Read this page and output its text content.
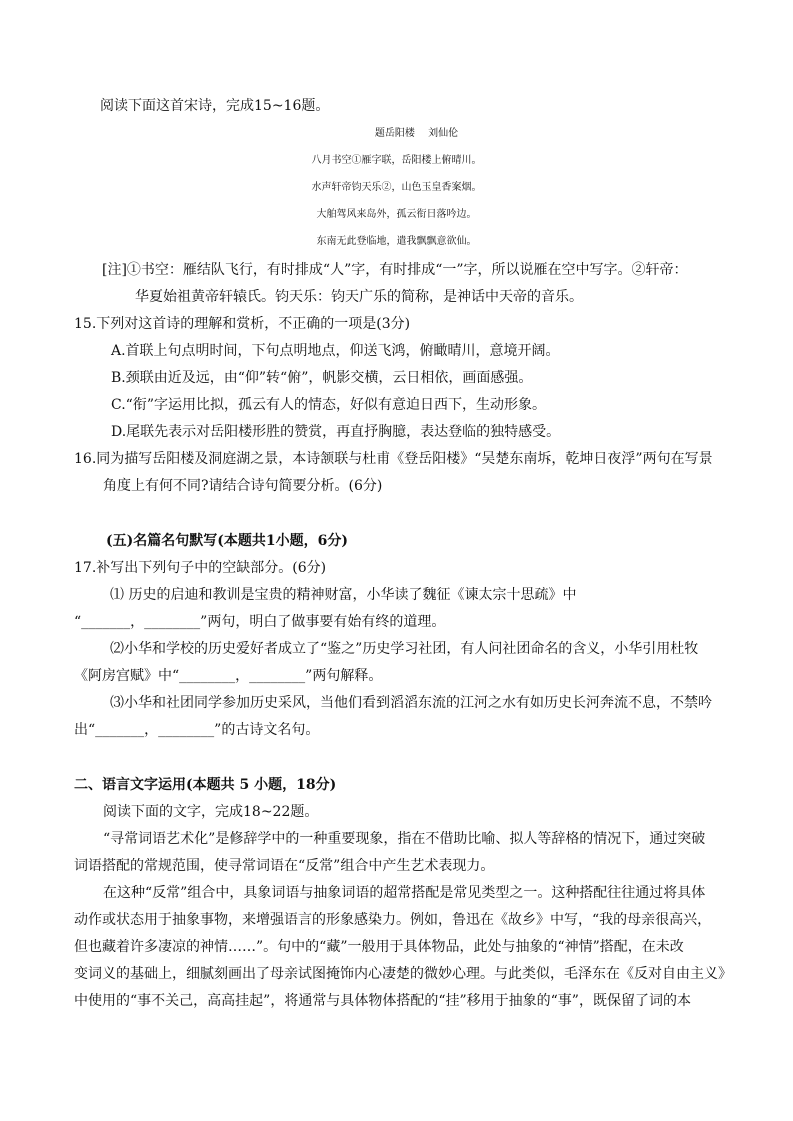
阅读下面这首宋诗，完成15~16题。
题岳阳楼　 刘仙伦
八月书空①雁字联，岳阳楼上俯晴川。
水声轩帝钧天乐②，山色玉皇香案烟。
大舶驾风来岛外，孤云衔日落吟边。
东南无此登临地，遣我飘飘意欲仙。
[注]①书空：雁结队飞行，有时排成“人”字，有时排成“一”字，所以说雁在空中写字。②轩帝：
华夏始祖黄帝轩辕氏。钧天乐：钧天广乐的简称，是神话中天帝的音乐。
15.下列对这首诗的理解和赏析，不正确的一项是(3分)
A.首联上句点明时间，下句点明地点，仰送飞鸿，俯瞰晴川，意境开阔。
B.颈联由近及远，由“仰”转“俯”，帆影交横，云日相依，画面感强。
C.“衔”字运用比拟，孤云有人的情态，好似有意迫日西下，生动形象。
D.尾联先表示对岳阳楼形胜的赞赏，再直抒胸臆，表达登临的独特感受。
16.同为描写岳阳楼及洞庭湖之景，本诗颔联与杜甫《登岳阳楼》“吴楚东南坼，乾坤日夜浮”两句在写景
角度上有何不同?请结合诗句简要分析。(6分)
(五)名篇名句默写(本题共1小题，6分)
17.补写出下列句子中的空缺部分。(6分)
⑴ 历史的启迪和教训是宝贵的精神财富，小华读了魏征《谏太宗十思疏》中
“_______，________”两句，明白了做事要有始有终的道理。
⑵小华和学校的历史爱好者成立了“鉴之”历史学习社团，有人问社团命名的含义，小华引用杜牧
《阿房宫赋》中“________，________”两句解释。
⑶小华和社团同学参加历史采风，当他们看到滔滔东流的江河之水有如历史长河奔流不息，不禁吟
出“_______，________”的古诗文名句。
二、语言文字运用(本题共 5 小题，18分)
阅读下面的文字，完成18~22题。
“寻常词语艺术化”是修辞学中的一种重要现象，指在不借助比喻、拟人等辞格的情况下，通过突破
词语搭配的常规范围，使寻常词语在“反常”组合中产生艺术表现力。
在这种“反常”组合中，具象词语与抽象词语的超常搭配是常见类型之一。这种搭配往往通过将具体
动作或状态用于抽象事物，来增强语言的形象感染力。例如，鲁迅在《故乡》中写，“我的母亲很高兴，
但也藏着许多凄凉的神情……”。句中的“藏”一般用于具体物品，此处与抽象的“神情”搭配，在未改
变词义的基础上，细腻刻画出了母亲试图掩饰内心凄楚的微妙心理。与此类似，毛泽东在《反对自由主义》
中使用的“事不关己，高高挂起”，将通常与具体物体搭配的“挂”移用于抽象的“事”，既保留了词的本
